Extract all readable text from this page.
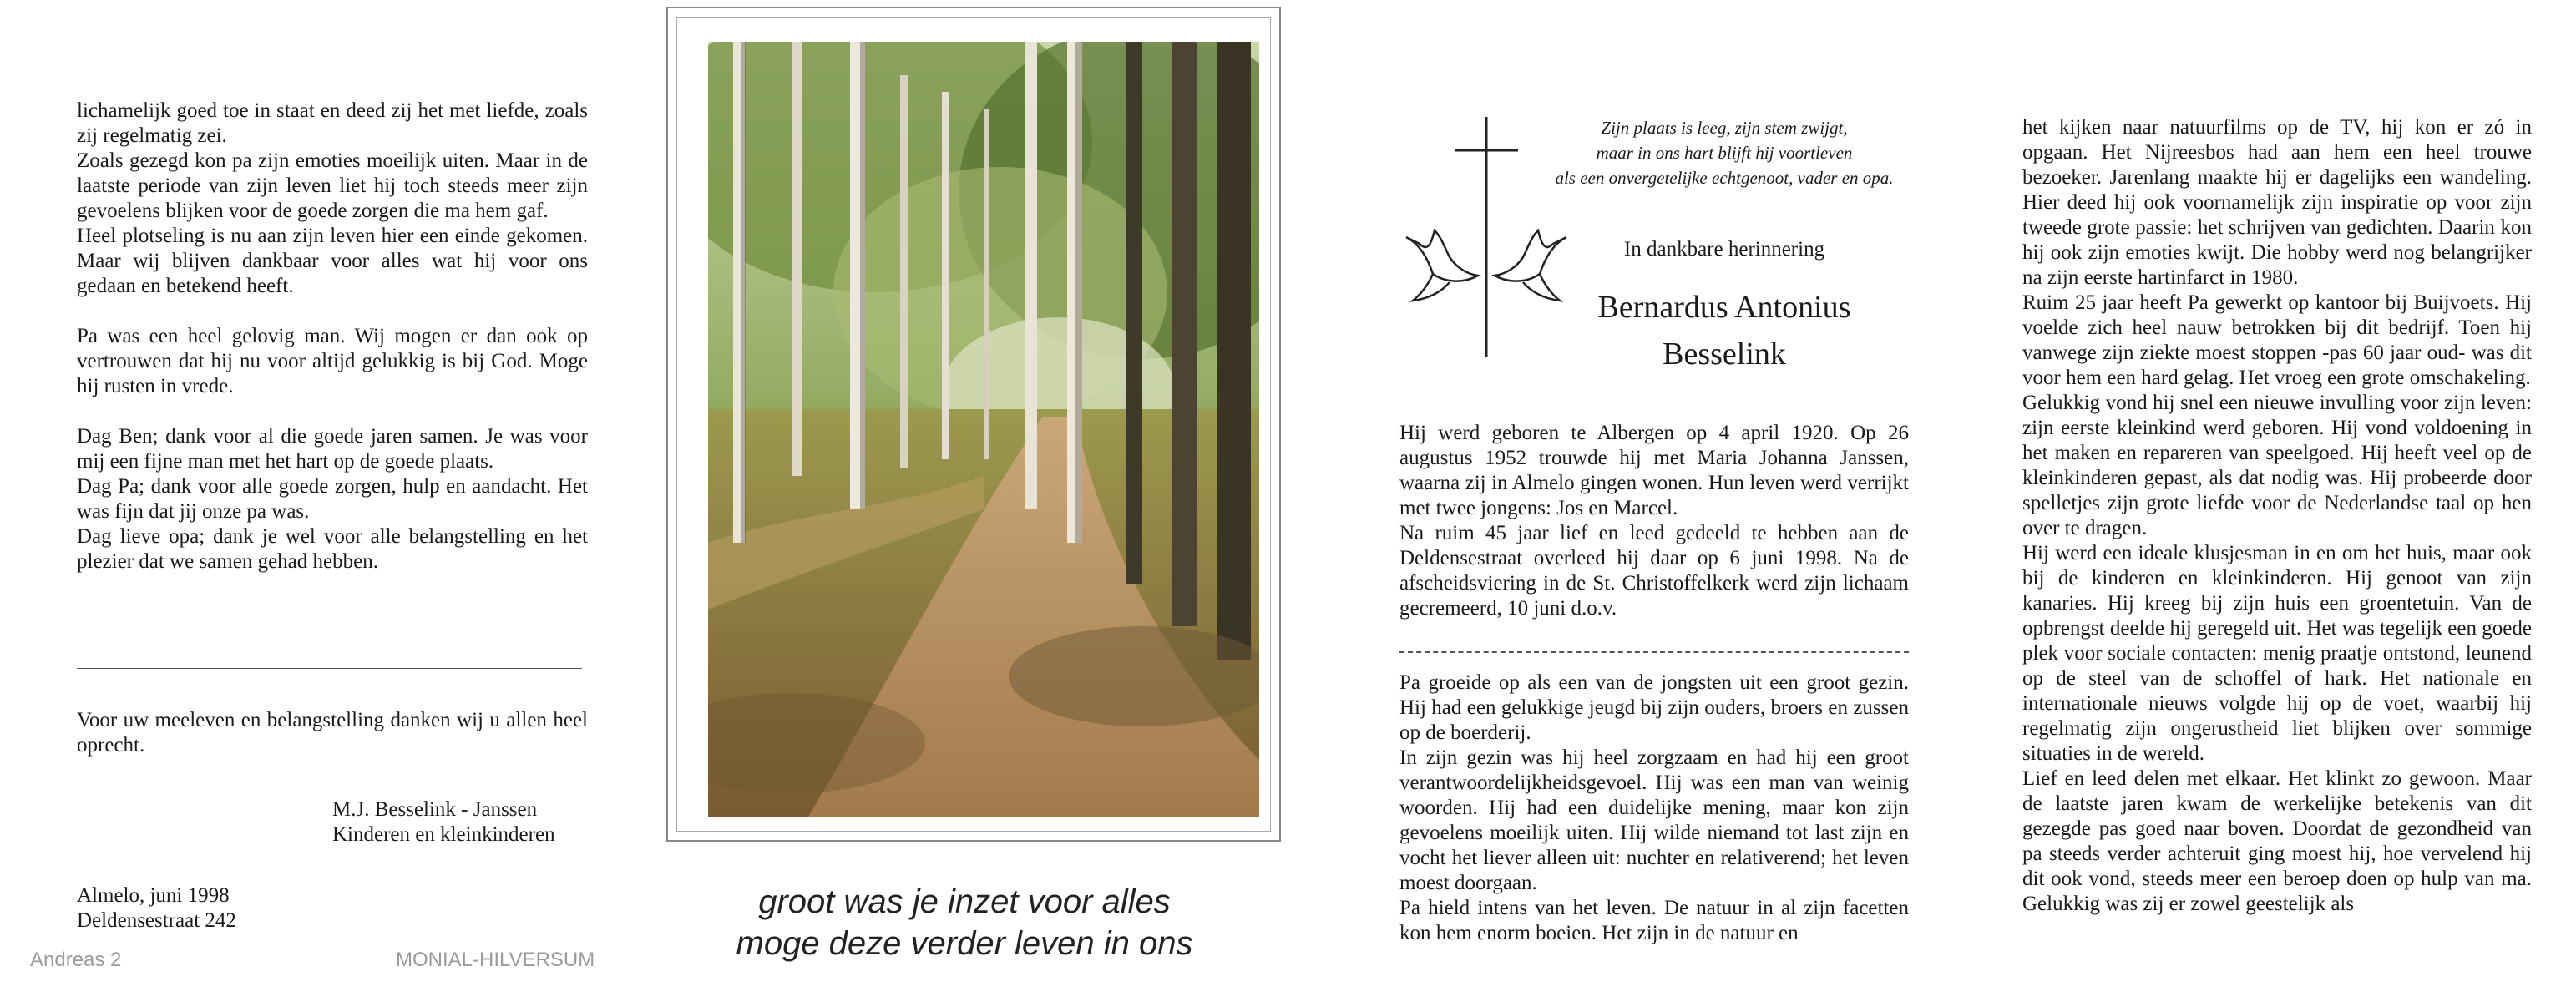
lichamelijk goed toe in staat en deed zij het met liefde, zoals zij regelmatig zei.

Zoals gezegd kon pa zijn emoties moeilijk uiten. Maar in de laatste periode van zijn leven liet hij toch steeds meer zijn gevoelens blijken voor de goede zorgen die ma hem gaf.

Heel plotseling is nu aan zijn leven hier een einde gekomen. Maar wij blijven dankbaar voor alles wat hij voor ons gedaan en betekend heeft.

Pa was een heel gelovig man. Wij mogen er dan ook op vertrouwen dat hij nu voor altijd gelukkig is bij God. Moge hij rusten in vrede.

Dag Ben; dank voor al die goede jaren samen. Je was voor mij een fijne man met het hart op de goede plaats.

Dag Pa; dank voor alle goede zorgen, hulp en aandacht. Het was fijn dat jij onze pa was.

Dag lieve opa; dank je wel voor alle belangstelling en het plezier dat we samen gehad hebben.

Voor uw meeleven en belangstelling danken wij u allen heel oprecht.
M.J. Besselink - Janssen
Kinderen en kleinkinderen
Almelo, juni 1998
Deldensestraat 242
Andreas 2	MONIAL-HILVERSUM
groot was je inzet voor alles
moge deze verder leven in ons
Zijn plaats is leeg, zijn stem zwijgt,
maar in ons hart blijft hij voortleven
als een onvergetelijke echtgenoot, vader en opa.
In dankbare herinnering
Bernardus Antonius
Besselink

Hij werd geboren te Albergen op 4 april 1920. Op 26 augustus 1952 trouwde hij met Maria Johanna Janssen, waarna zij in Almelo gingen wonen. Hun leven werd verrijkt met twee jongens: Jos en Marcel.

Na ruim 45 jaar lief en leed gedeeld te hebben aan de Deldensestraat overleed hij daar op 6 juni 1998. Na de afscheidsviering in de St. Christoffelkerk werd zijn lichaam gecremeerd, 10 juni d.o.v.

Pa groeide op als een van de jongsten uit een groot gezin. Hij had een gelukkige jeugd bij zijn ouders, broers en zussen op de boerderij.

In zijn gezin was hij heel zorgzaam en had hij een groot verantwoordelijkheidsgevoel. Hij was een man van weinig woorden. Hij had een duidelijke mening, maar kon zijn gevoelens moeilijk uiten. Hij wilde niemand tot last zijn en vocht het liever alleen uit: nuchter en relativerend; het leven moest doorgaan.

Pa hield intens van het leven. De natuur in al zijn facetten kon hem enorm boeien. Het zijn in de natuur en

het kijken naar natuurfilms op de TV, hij kon er zó in opgaan. Het Nijreesbos had aan hem een heel trouwe bezoeker. Jarenlang maakte hij er dagelijks een wandeling. Hier deed hij ook voornamelijk zijn inspiratie op voor zijn tweede grote passie: het schrijven van gedichten. Daarin kon hij ook zijn emoties kwijt. Die hobby werd nog belangrijker na zijn eerste hartinfarct in 1980.

Ruim 25 jaar heeft Pa gewerkt op kantoor bij Buijvoets. Hij voelde zich heel nauw betrokken bij dit bedrijf. Toen hij vanwege zijn ziekte moest stoppen -pas 60 jaar oud- was dit voor hem een hard gelag. Het vroeg een grote omschakeling.

Gelukkig vond hij snel een nieuwe invulling voor zijn leven: zijn eerste kleinkind werd geboren. Hij vond voldoening in het maken en repareren van speelgoed. Hij heeft veel op de kleinkinderen gepast, als dat nodig was. Hij probeerde door spelletjes zijn grote liefde voor de Nederlandse taal op hen over te dragen.

Hij werd een ideale klusjesman in en om het huis, maar ook bij de kinderen en kleinkinderen. Hij genoot van zijn kanaries. Hij kreeg bij zijn huis een groentetuin. Van de opbrengst deelde hij geregeld uit. Het was tegelijk een goede plek voor sociale contacten: menig praatje ontstond, leunend op de steel van de schoffel of hark. Het nationale en internationale nieuws volgde hij op de voet, waarbij hij regelmatig zijn ongerustheid liet blijken over sommige situaties in de wereld.

Lief en leed delen met elkaar. Het klinkt zo gewoon. Maar de laatste jaren kwam de werkelijke betekenis van dit gezegde pas goed naar boven. Doordat de gezondheid van pa steeds verder achteruit ging moest hij, hoe vervelend hij dit ook vond, steeds meer een beroep doen op hulp van ma. Gelukkig was zij er zowel geestelijk als
